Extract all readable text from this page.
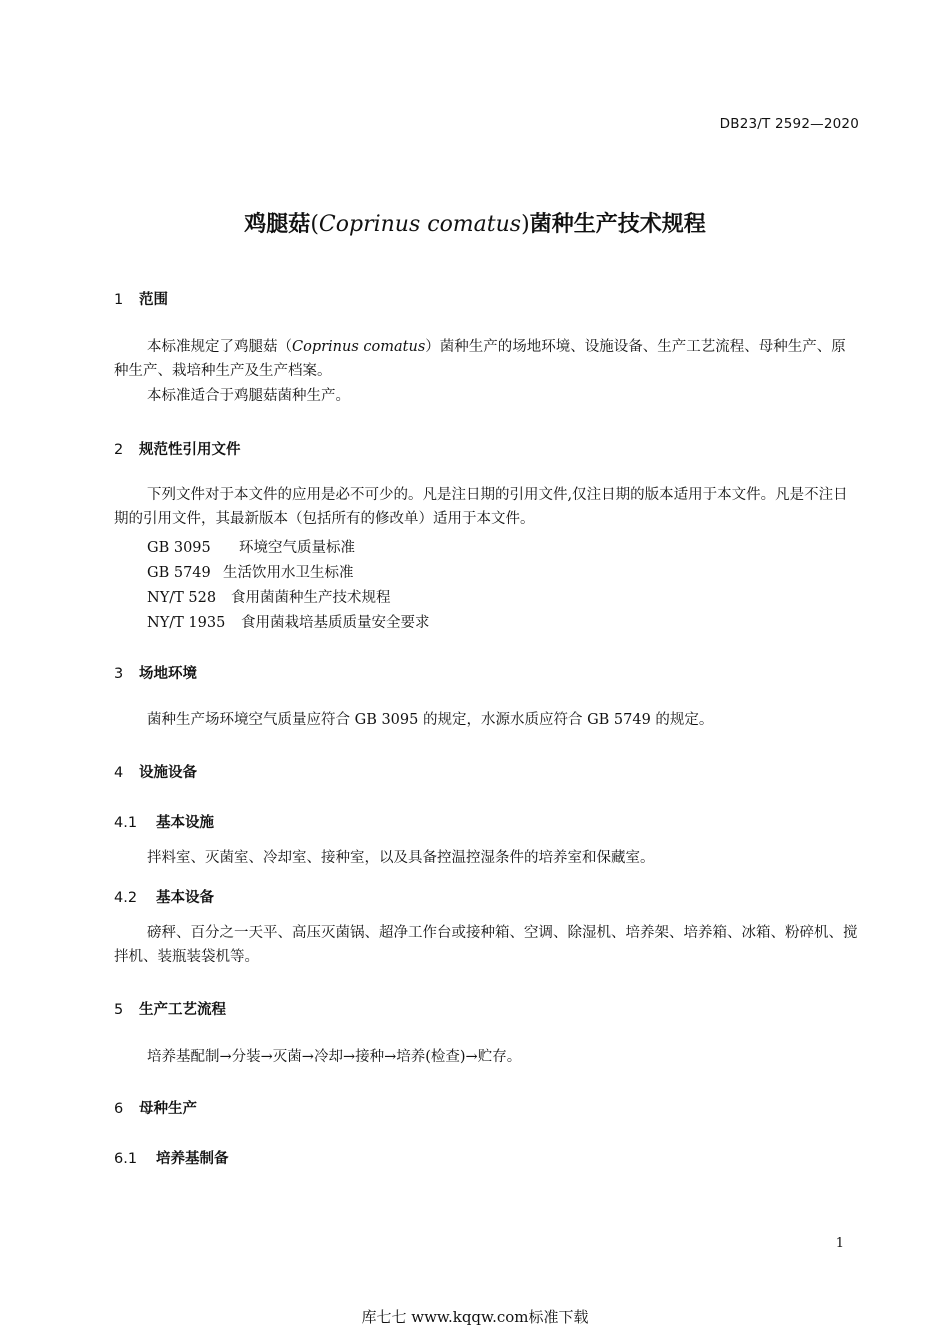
DB23/T 2592—2020
鸡腿菇(Coprinus comatus)菌种生产技术规程
1 范围
本标准规定了鸡腿菇（Coprinus comatus）菌种生产的场地环境、设施设备、生产工艺流程、母种生产、原种生产、栽培种生产及生产档案。
本标准适合于鸡腿菇菌种生产。
2 规范性引用文件
下列文件对于本文件的应用是必不可少的。凡是注日期的引用文件,仅注日期的版本适用于本文件。凡是不注日期的引用文件，其最新版本（包括所有的修改单）适用于本文件。
GB 3095 环境空气质量标准
GB 5749 生活饮用水卫生标准
NY/T 528 食用菌菌种生产技术规程
NY/T 1935 食用菌栽培基质质量安全要求
3 场地环境
菌种生产场环境空气质量应符合 GB 3095 的规定，水源水质应符合 GB 5749 的规定。
4 设施设备
4.1 基本设施
拌料室、灭菌室、冷却室、接种室，以及具备控温控湿条件的培养室和保藏室。
4.2 基本设备
磅秤、百分之一天平、高压灭菌锅、超净工作台或接种箱、空调、除湿机、培养架、培养箱、冰箱、粉碎机、搅拌机、装瓶装袋机等。
5 生产工艺流程
培养基配制→分装→灭菌→冷却→接种→培养(检查)→贮存。
6 母种生产
6.1 培养基制备
1
库七七 www.kqqw.com标准下载
